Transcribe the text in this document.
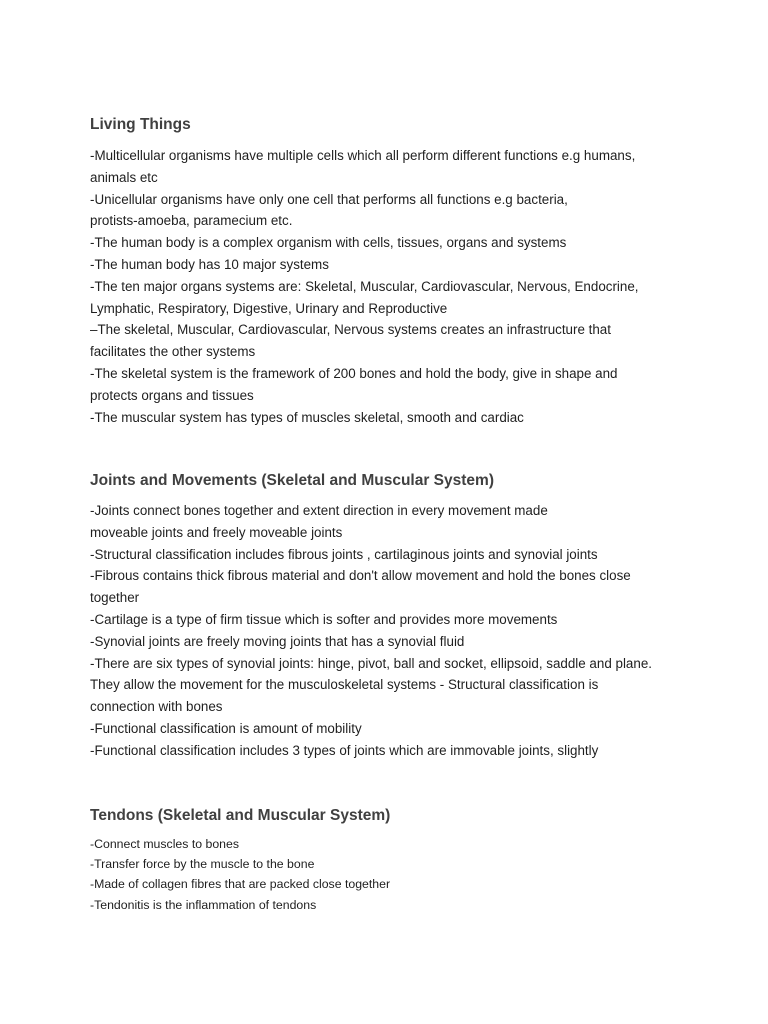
Living Things

-Multicellular organisms have multiple cells which all perform different functions e.g humans,

animals etc

-Unicellular organisms have only one cell that performs all functions e.g bacteria,

protists-amoeba, paramecium etc.

-The human body is a complex organism with cells, tissues, organs and systems

-The human body has 10 major systems

-The ten major organs systems are: Skeletal, Muscular, Cardiovascular, Nervous, Endocrine,

Lymphatic, Respiratory, Digestive, Urinary and Reproductive

–The skeletal, Muscular, Cardiovascular, Nervous systems creates an infrastructure that

facilitates the other systems

-The skeletal system is the framework of 200 bones and hold the body, give in shape and

protects organs and tissues

-The muscular system has types of muscles skeletal, smooth and cardiac

Joints and Movements (Skeletal and Muscular System)

-Joints connect bones together and extent direction in every movement made

moveable joints and freely moveable joints

-Structural classification includes fibrous joints , cartilaginous joints and synovial joints

-Fibrous contains thick fibrous material and don't allow movement and hold the bones close

together

-Cartilage is a type of firm tissue which is softer and provides more movements

-Synovial joints are freely moving joints that has a synovial fluid

-There are six types of synovial joints: hinge, pivot, ball and socket, ellipsoid, saddle and plane.

They allow the movement for the musculoskeletal systems - Structural classification is

connection with bones

-Functional classification is amount of mobility

-Functional classification includes 3 types of joints which are immovable joints, slightly

Tendons (Skeletal and Muscular System)

-Connect muscles to bones

-Transfer force by the muscle to the bone

-Made of collagen fibres that are packed close together

-Tendonitis is the inflammation of tendons
